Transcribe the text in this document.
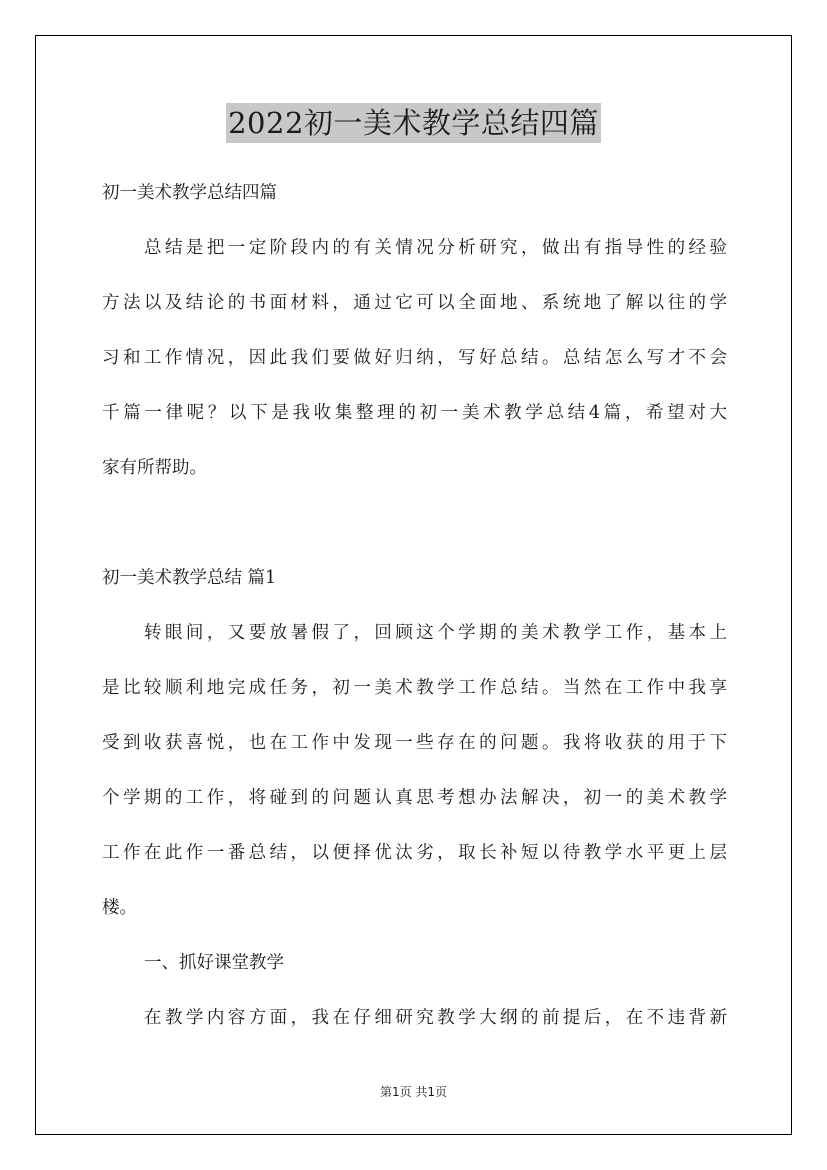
2022初一美术教学总结四篇
初一美术教学总结四篇
总结是把一定阶段内的有关情况分析研究，做出有指导性的经验
方法以及结论的书面材料，通过它可以全面地、系统地了解以往的学
习和工作情况，因此我们要做好归纳，写好总结。总结怎么写才不会
千篇一律呢？以下是我收集整理的初一美术教学总结4篇，希望对大
家有所帮助。
初一美术教学总结 篇1
转眼间，又要放暑假了，回顾这个学期的美术教学工作，基本上
是比较顺利地完成任务，初一美术教学工作总结。当然在工作中我享
受到收获喜悦，也在工作中发现一些存在的问题。我将收获的用于下
个学期的工作，将碰到的问题认真思考想办法解决，初一的美术教学
工作在此作一番总结，以便择优汰劣，取长补短以待教学水平更上层
楼。
一、抓好课堂教学
在教学内容方面，我在仔细研究教学大纲的前提后，在不违背新
第1页 共1页
